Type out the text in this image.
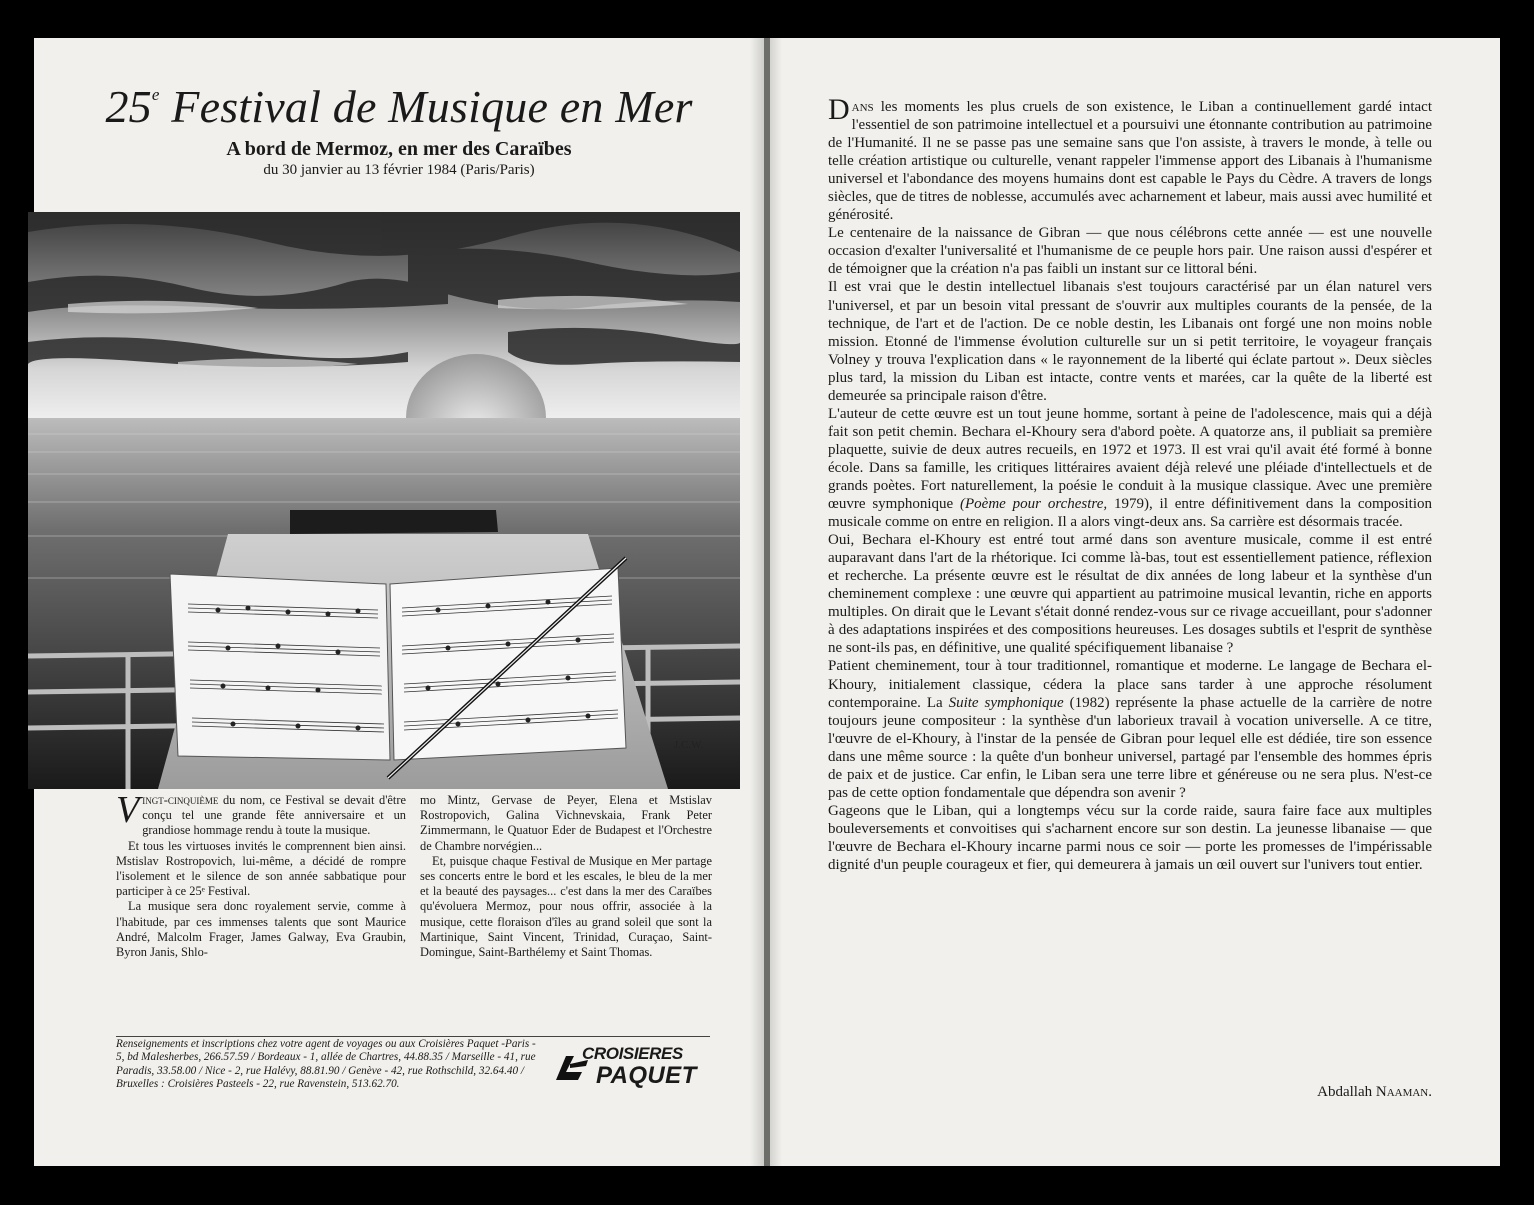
25e Festival de Musique en Mer

A bord de Mermoz, en mer des Caraïbes

du 30 janvier au 13 février 1984 (Paris/Paris)

J.C.W.

Vingt-cinquième du nom, ce Festival se devait d'être conçu tel une grande fête anniversaire et un grandiose hommage rendu à toute la musique.

Et tous les virtuoses invités le comprennent bien ainsi. Mstislav Rostropovich, lui-même, a décidé de rompre l'isolement et le silence de son année sabbatique pour participer à ce 25ᵉ Festival.

La musique sera donc royalement servie, comme à l'habitude, par ces immenses talents que sont Maurice André, Malcolm Frager, James Galway, Eva Graubin, Byron Janis, Shlo-

mo Mintz, Gervase de Peyer, Elena et Mstislav Rostropovich, Galina Vichnevskaia, Frank Peter Zimmermann, le Quatuor Eder de Budapest et l'Orchestre de Chambre norvégien...

Et, puisque chaque Festival de Musique en Mer partage ses concerts entre le bord et les escales, le bleu de la mer et la beauté des paysages... c'est dans la mer des Caraïbes qu'évoluera Mermoz, pour nous offrir, associée à la musique, cette floraison d'îles au grand soleil que sont la Martinique, Saint Vincent, Trinidad, Curaçao, Saint-Domingue, Saint-Barthélemy et Saint Thomas.

Renseignements et inscriptions chez votre agent de voyages ou aux Croisières Paquet -Paris - 5, bd Malesherbes, 266.57.59 / Bordeaux - 1, allée de Chartres, 44.88.35 / Marseille - 41, rue Paradis, 33.58.00 / Nice - 2, rue Halévy, 88.81.90 / Genève - 42, rue Rothschild, 32.64.40 / Bruxelles : Croisières Pasteels - 22, rue Ravenstein, 513.62.70.

CROISIERES
PAQUET

Dans les moments les plus cruels de son existence, le Liban a continuellement gardé intact l'essentiel de son patrimoine intellectuel et a poursuivi une étonnante contribution au patrimoine de l'Humanité. Il ne se passe pas une semaine sans que l'on assiste, à travers le monde, à telle ou telle création artistique ou culturelle, venant rappeler l'immense apport des Libanais à l'humanisme universel et l'abondance des moyens humains dont est capable le Pays du Cèdre. A travers de longs siècles, que de titres de noblesse, accumulés avec acharnement et labeur, mais aussi avec humilité et générosité.

Le centenaire de la naissance de Gibran — que nous célébrons cette année — est une nouvelle occasion d'exalter l'universalité et l'humanisme de ce peuple hors pair. Une raison aussi d'espérer et de témoigner que la création n'a pas faibli un instant sur ce littoral béni.

Il est vrai que le destin intellectuel libanais s'est toujours caractérisé par un élan naturel vers l'universel, et par un besoin vital pressant de s'ouvrir aux multiples courants de la pensée, de la technique, de l'art et de l'action. De ce noble destin, les Libanais ont forgé une non moins noble mission. Etonné de l'immense évolution culturelle sur un si petit territoire, le voyageur français Volney y trouva l'explication dans « le rayonnement de la liberté qui éclate partout ». Deux siècles plus tard, la mission du Liban est intacte, contre vents et marées, car la quête de la liberté est demeurée sa principale raison d'être.

L'auteur de cette œuvre est un tout jeune homme, sortant à peine de l'adolescence, mais qui a déjà fait son petit chemin. Bechara el-Khoury sera d'abord poète. A quatorze ans, il publiait sa première plaquette, suivie de deux autres recueils, en 1972 et 1973. Il est vrai qu'il avait été formé à bonne école. Dans sa famille, les critiques littéraires avaient déjà relevé une pléiade d'intellectuels et de grands poètes. Fort naturellement, la poésie le conduit à la musique classique. Avec une première œuvre symphonique (Poème pour orchestre, 1979), il entre définitivement dans la composition musicale comme on entre en religion. Il a alors vingt-deux ans. Sa carrière est désormais tracée.

Oui, Bechara el-Khoury est entré tout armé dans son aventure musicale, comme il est entré auparavant dans l'art de la rhétorique. Ici comme là-bas, tout est essentiellement patience, réflexion et recherche. La présente œuvre est le résultat de dix années de long labeur et la synthèse d'un cheminement complexe : une œuvre qui appartient au patrimoine musical levantin, riche en apports multiples. On dirait que le Levant s'était donné rendez-vous sur ce rivage accueillant, pour s'adonner à des adaptations inspirées et des compositions heureuses. Les dosages subtils et l'esprit de synthèse ne sont-ils pas, en définitive, une qualité spécifiquement libanaise ?

Patient cheminement, tour à tour traditionnel, romantique et moderne. Le langage de Bechara el-Khoury, initialement classique, cédera la place sans tarder à une approche résolument contemporaine. La Suite symphonique (1982) représente la phase actuelle de la carrière de notre toujours jeune compositeur : la synthèse d'un laborieux travail à vocation universelle. A ce titre, l'œuvre de el-Khoury, à l'instar de la pensée de Gibran pour lequel elle est dédiée, tire son essence dans une même source : la quête d'un bonheur universel, partagé par l'ensemble des hommes épris de paix et de justice. Car enfin, le Liban sera une terre libre et généreuse ou ne sera plus. N'est-ce pas de cette option fondamentale que dépendra son avenir ?

Gageons que le Liban, qui a longtemps vécu sur la corde raide, saura faire face aux multiples bouleversements et convoitises qui s'acharnent encore sur son destin. La jeunesse libanaise — que l'œuvre de Bechara el-Khoury incarne parmi nous ce soir — porte les promesses de l'impérissable dignité d'un peuple courageux et fier, qui demeurera à jamais un œil ouvert sur l'univers tout entier.

Abdallah Naaman.
